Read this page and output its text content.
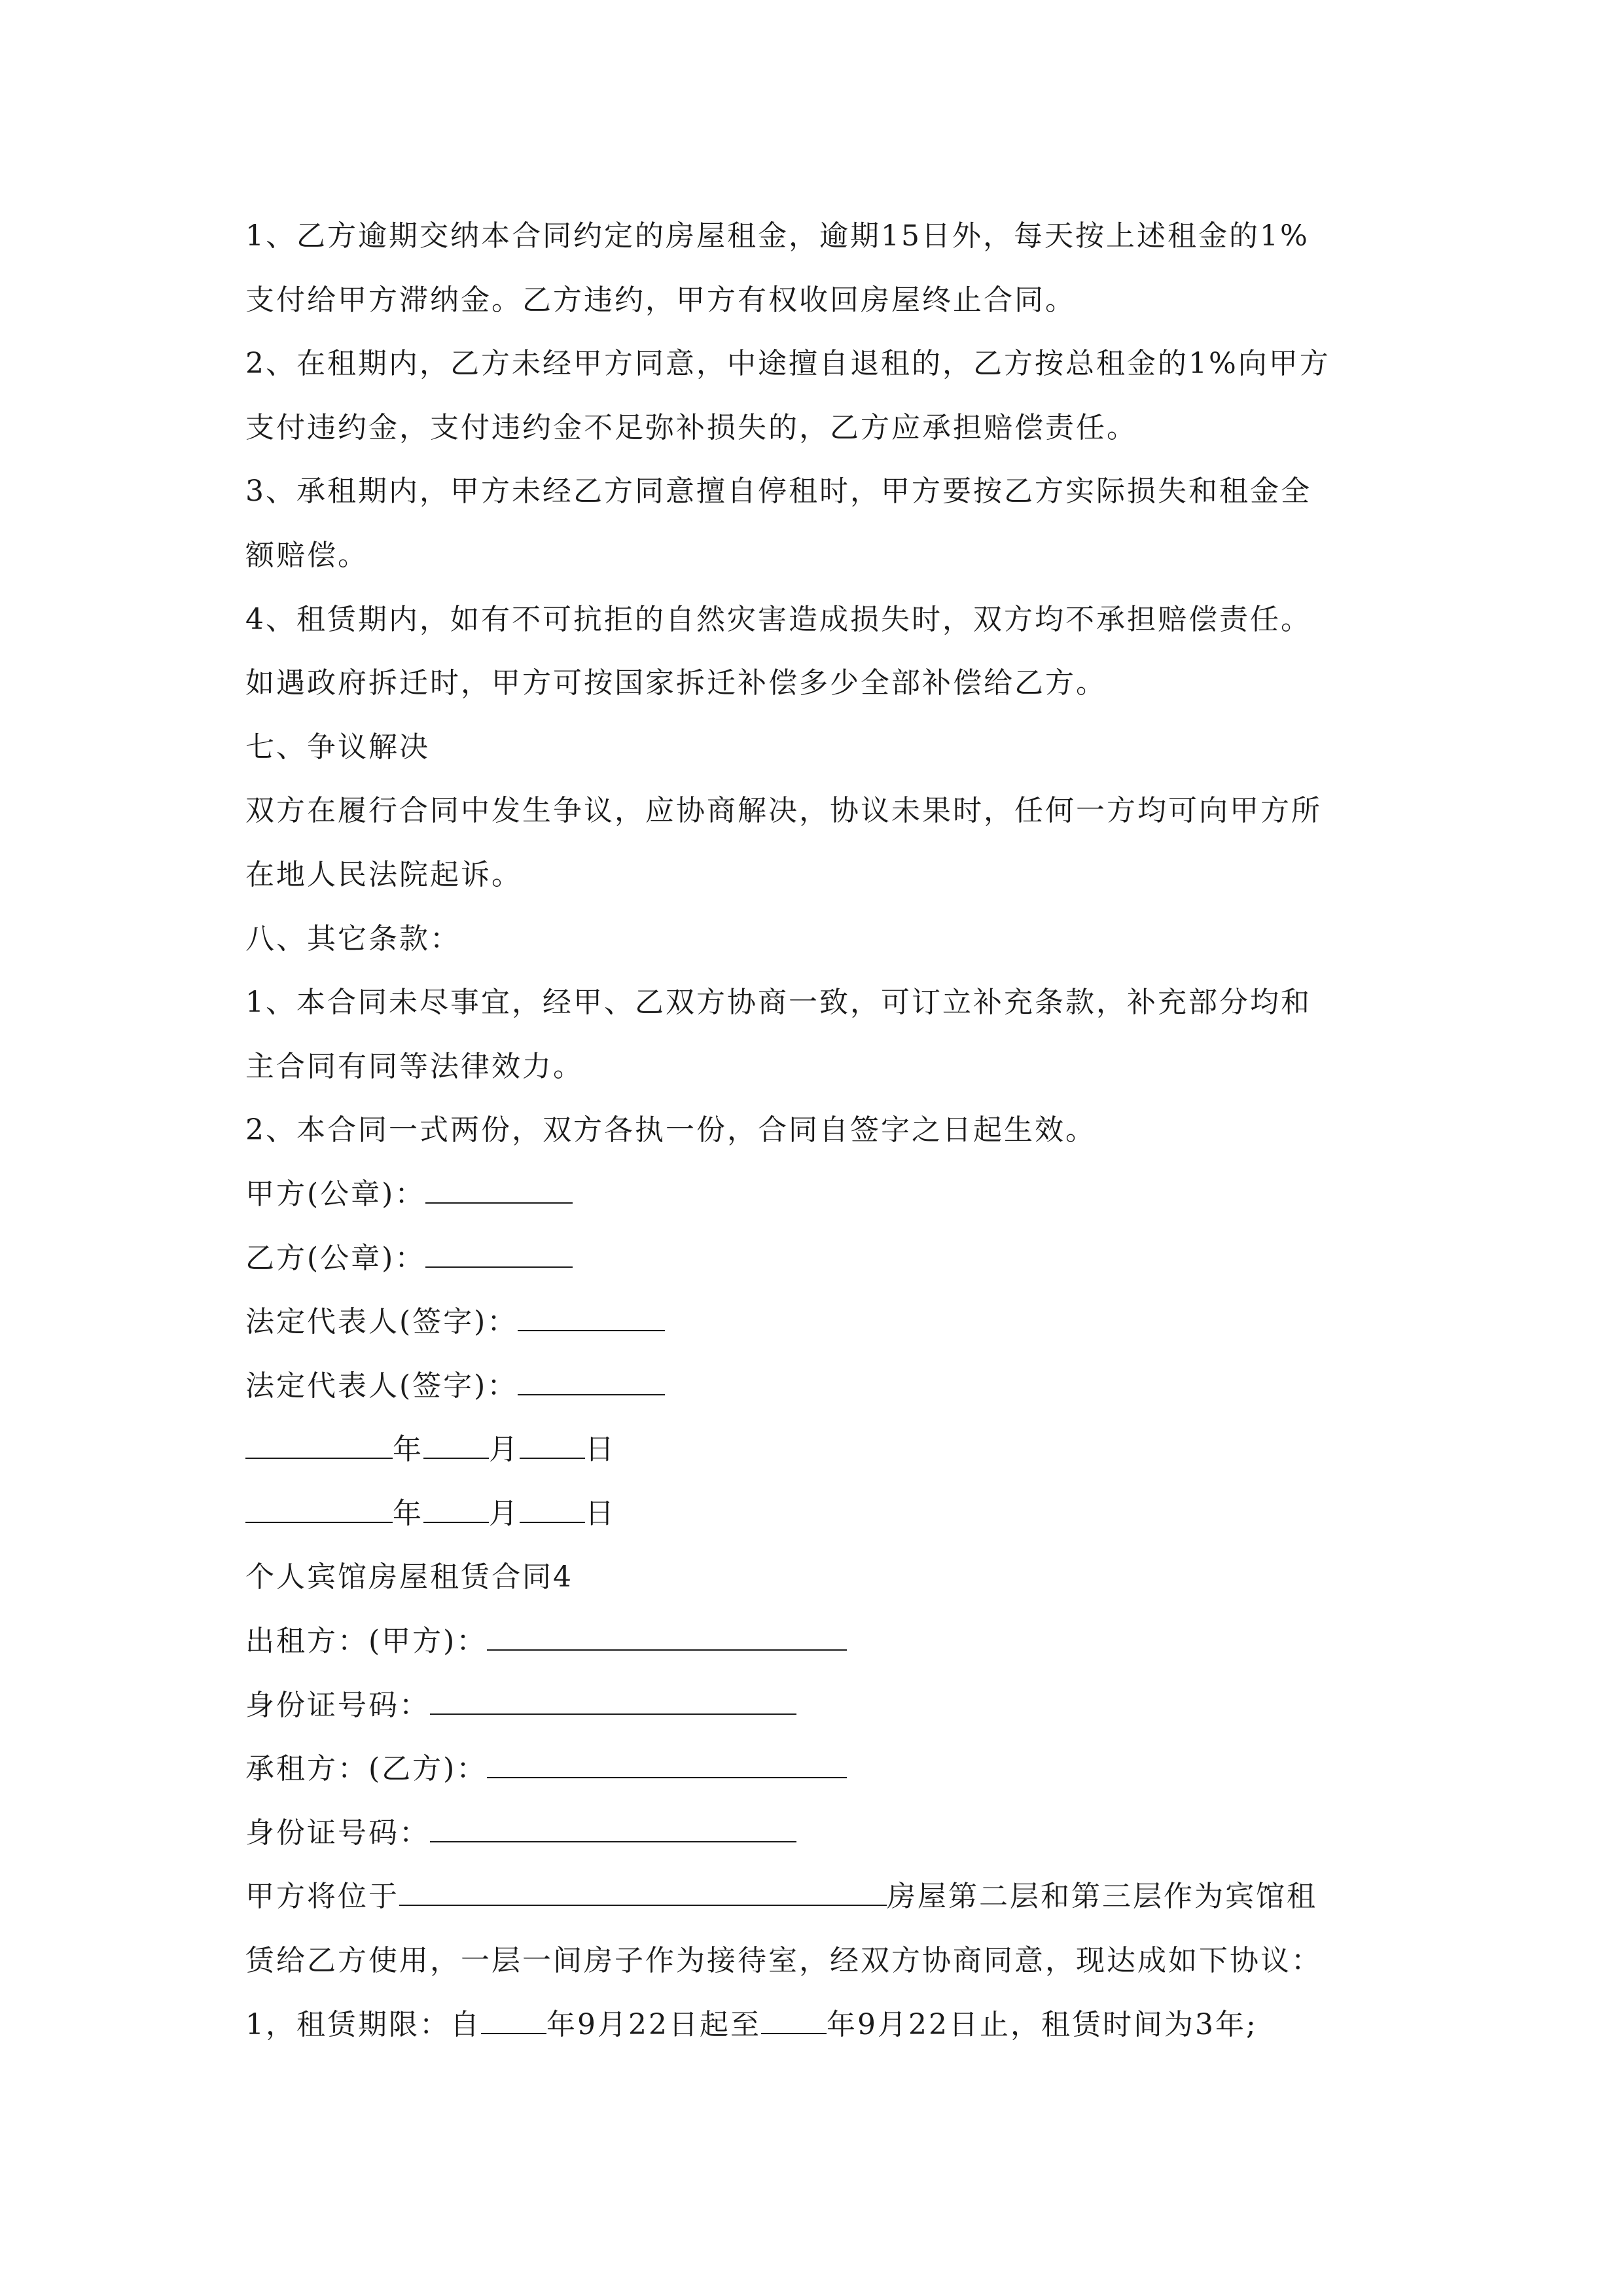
1、乙方逾期交纳本合同约定的房屋租金，逾期15日外，每天按上述租金的1%
支付给甲方滞纳金。乙方违约，甲方有权收回房屋终止合同。
2、在租期内，乙方未经甲方同意，中途擅自退租的，乙方按总租金的1%向甲方
支付违约金，支付违约金不足弥补损失的，乙方应承担赔偿责任。
3、承租期内，甲方未经乙方同意擅自停租时，甲方要按乙方实际损失和租金全
额赔偿。
4、租赁期内，如有不可抗拒的自然灾害造成损失时，双方均不承担赔偿责任。
如遇政府拆迁时，甲方可按国家拆迁补偿多少全部补偿给乙方。
七、争议解决
双方在履行合同中发生争议，应协商解决，协议未果时，任何一方均可向甲方所
在地人民法院起诉。
八、其它条款：
1、本合同未尽事宜，经甲、乙双方协商一致，可订立补充条款，补充部分均和
主合同有同等法律效力。
2、本合同一式两份，双方各执一份，合同自签字之日起生效。
甲方(公章)：
乙方(公章)：
法定代表人(签字)：
法定代表人(签字)：
年 月 日
年 月 日
个人宾馆房屋租赁合同4
出租方：(甲方)：
身份证号码：
承租方：(乙方)：
身份证号码：
甲方将位于	房屋第二层和第三层作为宾馆租
赁给乙方使用，一层一间房子作为接待室，经双方协商同意，现达成如下协议：
1，租赁期限：自 年9月22日起至 年9月22日止，租赁时间为3年;
